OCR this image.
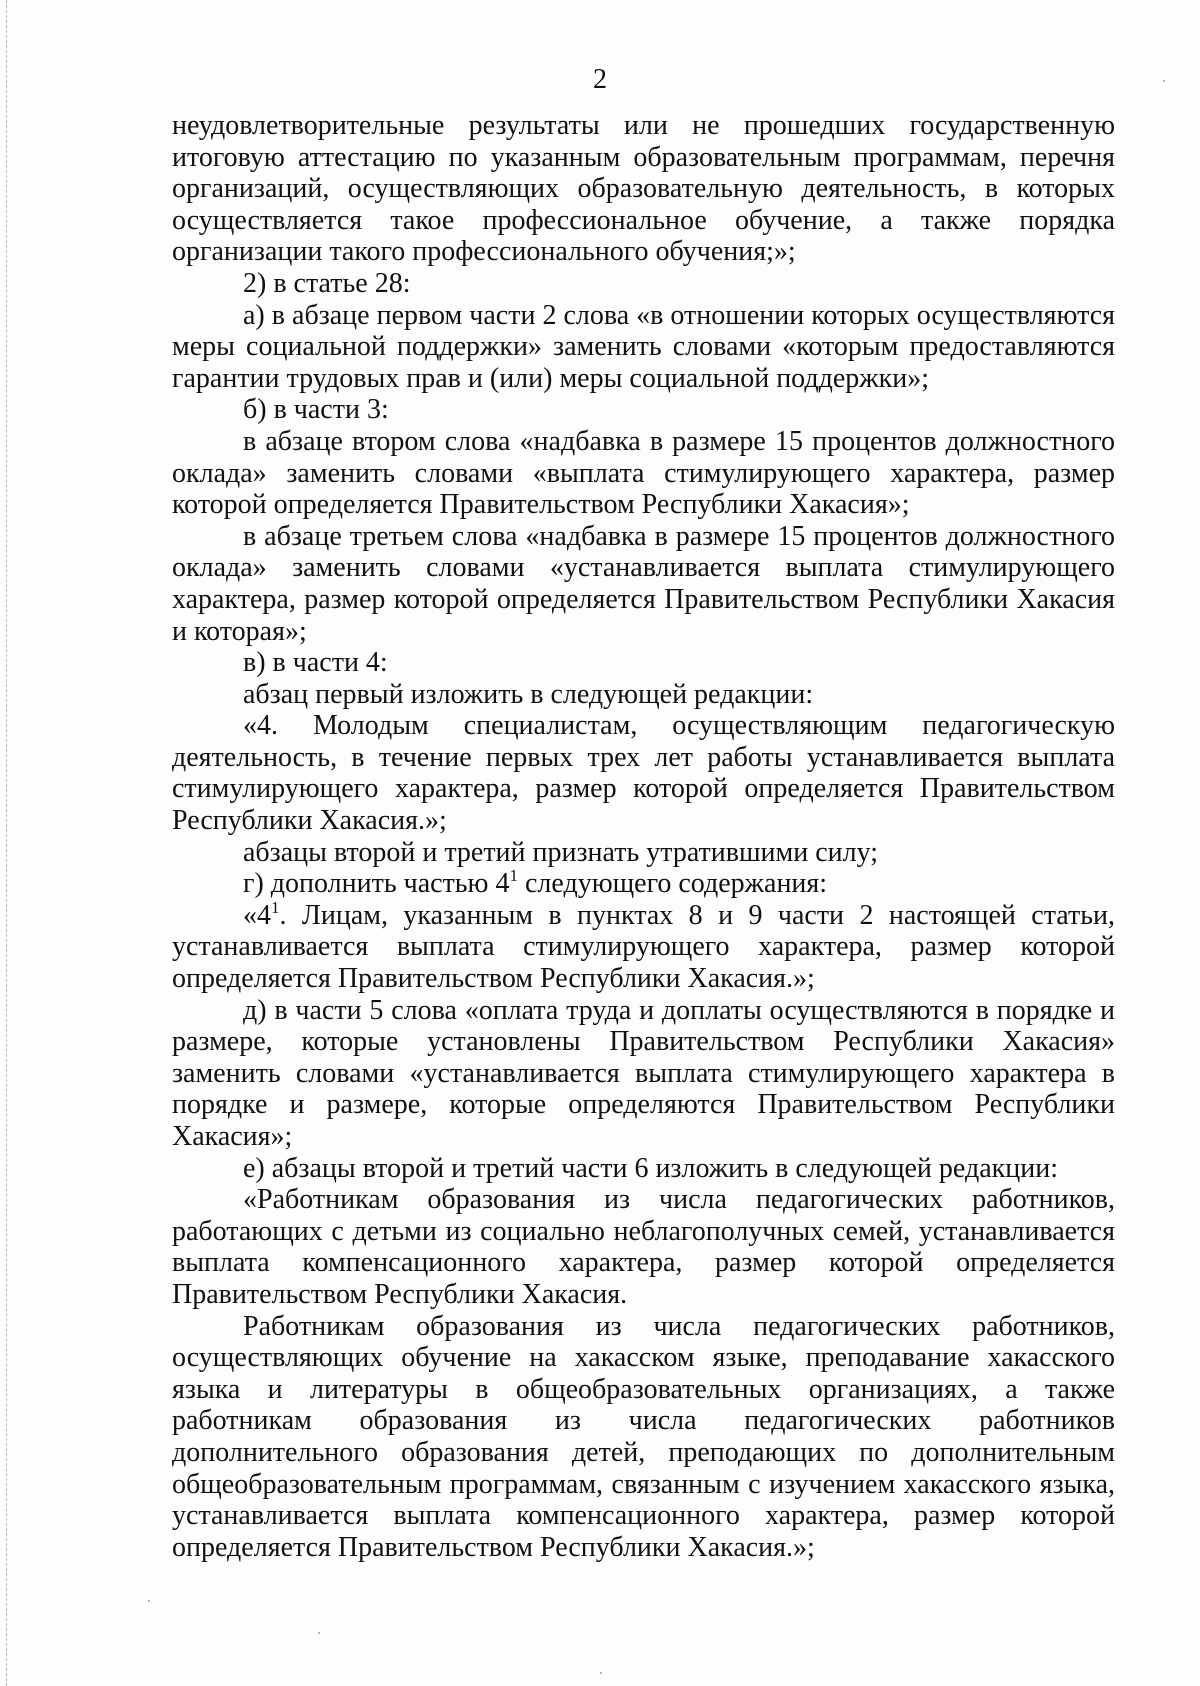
2

неудовлетворительные результаты или не прошедших государственную итоговую аттестацию по указанным образовательным программам, перечня организаций, осуществляющих образовательную деятельность, в которых осуществляется такое профессиональное обучение, а также порядка организации такого профессионального обучения;»;

2) в статье 28:

а) в абзаце первом части 2 слова «в отношении которых осуществляются меры социальной поддержки» заменить словами «которым предоставляются гарантии трудовых прав и (или) меры социальной поддержки»;

б) в части 3:

в абзаце втором слова «надбавка в размере 15 процентов должностного оклада» заменить словами «выплата стимулирующего характера, размер которой определяется Правительством Республики Хакасия»;

в абзаце третьем слова «надбавка в размере 15 процентов должностного оклада» заменить словами «устанавливается выплата стимулирующего характера, размер которой определяется Правительством Республики Хакасия и которая»;

в) в части 4:

абзац первый изложить в следующей редакции:

«4. Молодым специалистам, осуществляющим педагогическую деятельность, в течение первых трех лет работы устанавливается выплата стимулирующего характера, размер которой определяется Правительством Республики Хакасия.»;

абзацы второй и третий признать утратившими силу;

г) дополнить частью $4^1$ следующего содержания:

«$4^1$. Лицам, указанным в пунктах 8 и 9 части 2 настоящей статьи, устанавливается выплата стимулирующего характера, размер которой определяется Правительством Республики Хакасия.»;

д) в части 5 слова «оплата труда и доплаты осуществляются в порядке и размере, которые установлены Правительством Республики Хакасия» заменить словами «устанавливается выплата стимулирующего характера в порядке и размере, которые определяются Правительством Республики Хакасия»;

е) абзацы второй и третий части 6 изложить в следующей редакции:

«Работникам образования из числа педагогических работников, работающих с детьми из социально неблагополучных семей, устанавливается выплата компенсационного характера, размер которой определяется Правительством Республики Хакасия.

Работникам образования из числа педагогических работников, осуществляющих обучение на хакасском языке, преподавание хакасского языка и литературы в общеобразовательных организациях, а также работникам образования из числа педагогических работников дополнительного образования детей, преподающих по дополнительным общеобразовательным программам, связанным с изучением хакасского языка, устанавливается выплата компенсационного характера, размер которой определяется Правительством Республики Хакасия.»;
